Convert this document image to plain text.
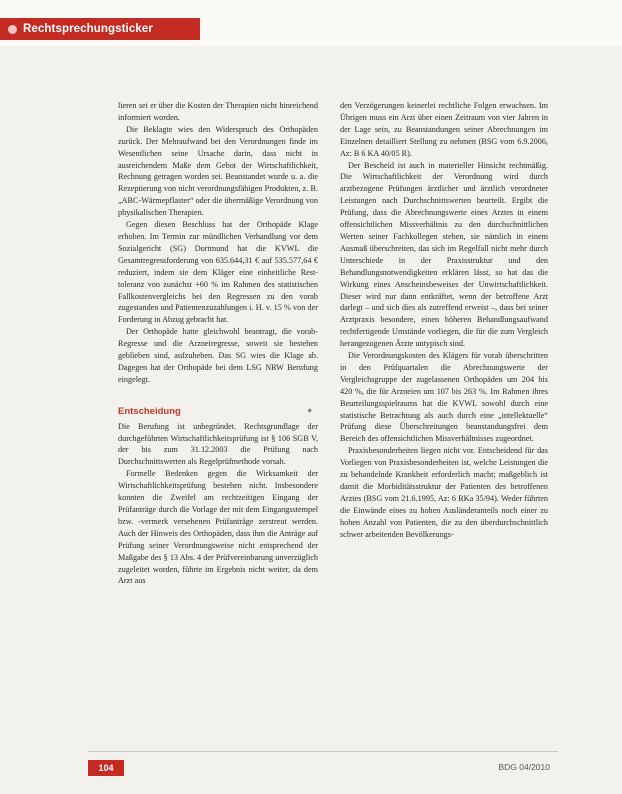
Rechtsprechungsticker

lieren sei er über die Kosten der Therapien nicht hinreichend informiert worden.

Die Beklagte wies den Widerspruch des Orthopäden zurück. Der Mehraufwand bei den Verordnungen finde im Wesentlichen seine Ursache darin, dass nicht in ausreichendem Maße dem Gebot der Wirtschaftlichkeit, Rechnung getragen worden sei. Beanstandet wurde u. a. die Rezeptierung von nicht verordnungsfähigen Produkten, z. B. „ABC-Wärmepflaster“ oder die übermäßige Verordnung von physikalischen Therapien.

Gegen diesen Beschluss hat der Orthopäde Klage erhoben. Im Termin zur mündlichen Verhandlung vor dem Sozialgericht (SG) Dortmund hat die KVWL die Gesamtregressforderung von 635.644,31 € auf 535.577,64 € reduziert, indem sie dem Kläger eine einheitliche Resttoleranz von zunächst +60 % im Rahmen des statistischen Fallkostenvergleichs bei den Regressen zu den vorab zugestanden und Patientenzuzahlungen i. H. v. 15 % von der Forderung in Abzug gebracht hat.

Der Orthopäde hatte gleichwohl beantragt, die vorab-Regresse und die Arzneiregresse, soweit sie bestehen geblieben sind, aufzuheben. Das SG wies die Klage ab. Dagegen hat der Orthopäde bei dem LSG NRW Berufung eingelegt.

Entscheidung	◆

Die Berufung ist unbegründet. Rechtsgrundlage der durchgeführten Wirtschaftlichkeitsprüfung ist § 106 SGB V, der bis zum 31.12.2003 die Prüfung nach Durchschnittswerten als Regelprüfmethode vorsah.

Formelle Bedenken gegen die Wirksamkeit der Wirtschaftlichkeitsprüfung bestehen nicht. Insbesondere konnten die Zweifel am rechtzeitigen Eingang der Prüfanträge durch die Vorlage der mit dem Eingangsstempel bzw. -vermerk versehenen Prüfanträge zerstreut werden. Auch der Hinweis des Orthopäden, dass ihm die Anträge auf Prüfung seiner Verordnungsweise nicht entsprechend der Maßgabe des § 13 Abs. 4 der Prüfvereinbarung unverzüglich zugeleitet worden, führte im Ergebnis nicht weiter, da dem Arzt aus

den Verzögerungen keinerlei rechtliche Folgen erwachsen. Im Übrigen muss ein Arzt über einen Zeitraum von vier Jahren in der Lage sein, zu Beanstandungen seiner Abrechnungen im Einzelnen detailliert Stellung zu nehmen (BSG vom 6.9.2006, Az: B 6 KA 40/05 R).

Der Bescheid ist auch in materieller Hinsicht rechtmäßig. Die Wirtschaftlichkeit der Verordnung wird durch arztbezogene Prüfungen ärztlicher und ärztlich verordneter Leistungen nach Durchschnittswerten beurteilt. Ergibt die Prüfung, dass die Abrechnungswerte eines Arztes in einem offensichtlichen Missverhältnis zu den durchschnittlichen Werten seiner Fachkollegen stehen, sie nämlich in einem Ausmaß überschreiten, das sich im Regelfall nicht mehr durch Unterschiede in der Praxisstruktur und den Behandlungsnotwendigkeiten erklären lässt, so hat das die Wirkung eines Anscheinsbeweises der Unwirtschaftlichkeit. Dieser wird nur dann entkräftet, wenn der betroffene Arzt darlegt – und sich dies als zutreffend erweist –, dass bei seiner Arztpraxis besondere, einen höheren Behandlungsaufwand rechtfertigende Umstände vorliegen, die für die zum Vergleich herangezogenen Ärzte untypisch sind.

Die Verordnungskosten des Klägers für vorab überschritten in den Prüfquartalen die Abrechnungswerte der Vergleichsgruppe der zugelassenen Orthopäden um 204 bis 420 %, die für Arzneien um 107 bis 263 %. Im Rahmen ihres Beurteilungsspielraums hat die KVWL sowohl durch eine statistische Betrachtung als auch durch eine „intellektuelle“ Prüfung diese Überschreitungen beanstandungsfrei dem Bereich des offensichtlichen Missverhältnisses zugeordnet.

Praxisbesonderheiten liegen nicht vor. Entscheidend für das Vorliegen von Praxisbesonderheiten ist, welche Leistungen die zu behandelnde Krankheit erforderlich macht; maßgeblich ist damit die Morbiditätsstruktur der Patienten des betroffenen Arztes (BSG vom 21.6.1995, Az: 6 RKa 35/94). Weder führten die Einwände eines zu hohen Ausländeranteils noch einer zu hohen Anzahl von Patienten, die zu den überdurchschnittlich schwer arbeitenden Bevölkerungs-

104	BDG 04/2010
